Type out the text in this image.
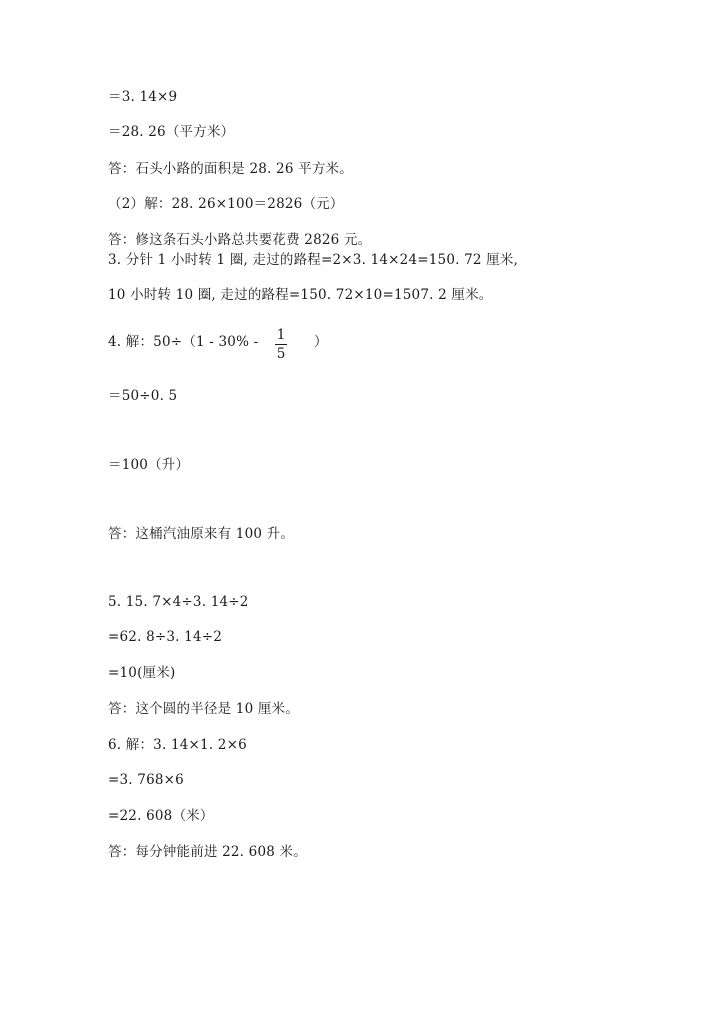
＝3. 14×9
＝28. 26（平方米）
答：石头小路的面积是 28. 26 平方米。
（2）解：28. 26×100＝2826（元）
答：修这条石头小路总共要花费 2826 元。
3. 分针 1 小时转 1 圈, 走过的路程=2×3. 14×24=150. 72 厘米,
10 小时转 10 圈, 走过的路程=150. 72×10=1507. 2 厘米。
4. 解：50÷（1 - 30% -	1
5
）
＝50÷0. 5
＝100（升）
答：这桶汽油原来有 100 升。
5. 15. 7×4÷3. 14÷2
=62. 8÷3. 14÷2
=10(厘米)
答：这个圆的半径是 10 厘米。
6. 解：3. 14×1. 2×6
=3. 768×6
=22. 608（米）
答：每分钟能前进 22. 608 米。
